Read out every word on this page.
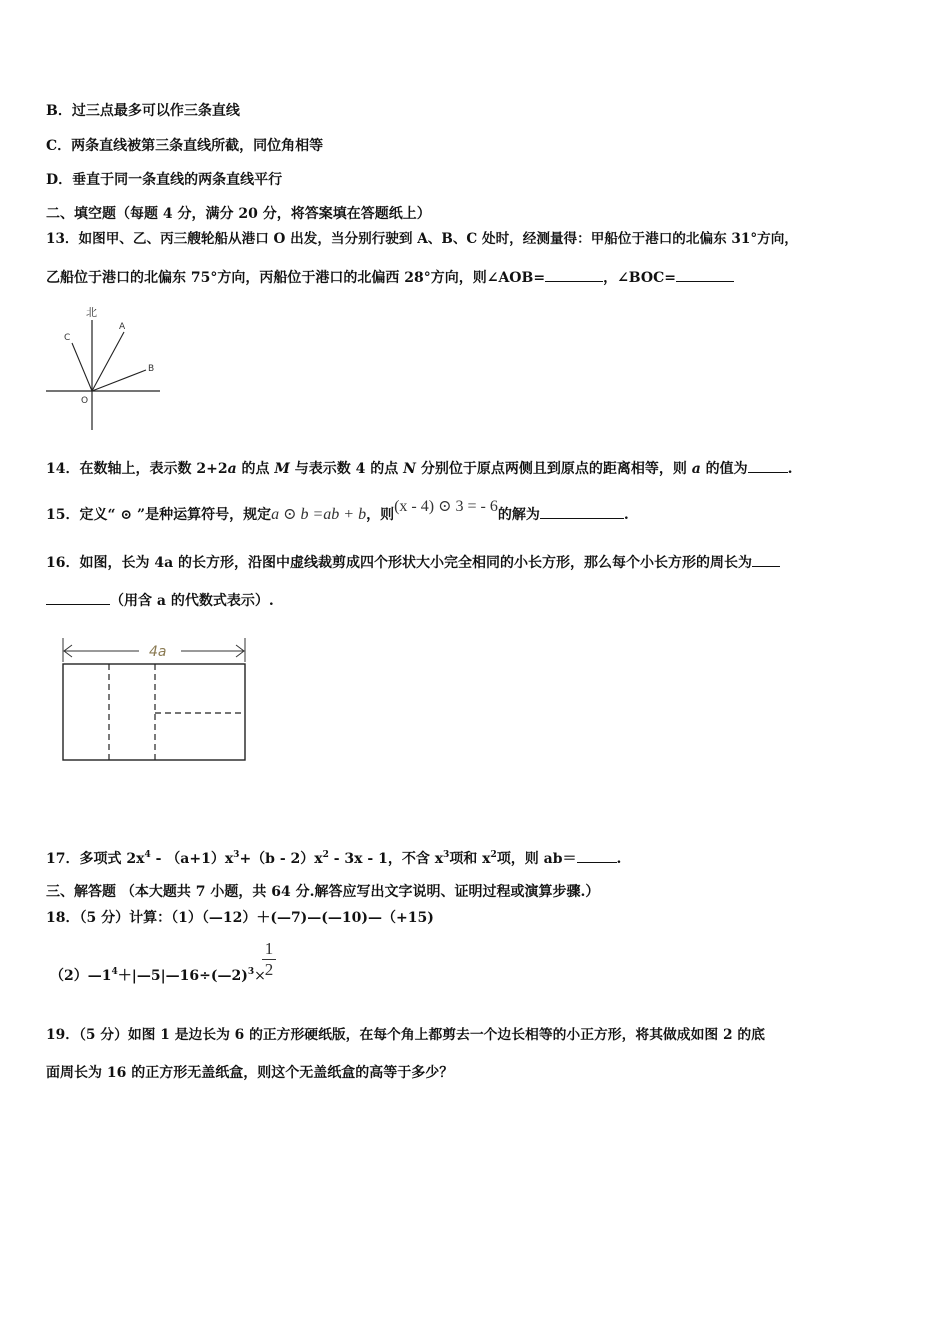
B．过三点最多可以作三条直线
C．两条直线被第三条直线所截，同位角相等
D．垂直于同一条直线的两条直线平行
二、填空题（每题 4 分，满分 20 分，将答案填在答题纸上）
13．如图甲、乙、丙三艘轮船从港口 O 出发，当分别行驶到 A、B、C 处时，经测量得：甲船位于港口的北偏东 31°方向，
乙船位于港口的北偏东 75°方向，丙船位于港口的北偏西 28°方向，则∠AOB=	，∠BOC=
北
A
B
C
O
14．在数轴上，表示数 2+2a 的点 M 与表示数 4 的点 N 分别位于原点两侧且到原点的距离相等，则 a 的值为	.
15．定义“ ⊙ ”是种运算符号，规定a ⊙ b =ab + b，则(x - 4) ⊙ 3 = - 6的解为	.
16．如图，长为 4a 的长方形，沿图中虚线裁剪成四个形状大小完全相同的小长方形，那么每个小长方形的周长为
（用含 a 的代数式表示）.
4a
17．多项式 $2x^4 - (a+1)x^3+(b - 2)x^2 - 3x - 1$，不含 $x^3$项和 $x^2$项，则 ab＝	.
三、解答题 （本大题共 7 小题，共 64 分.解答应写出文字说明、证明过程或演算步骤.）
18．（5 分）计算：（1）（—12）＋(—7)—(—10)—（+15)
$(2)—1^4+|—5|—16\div(—2)^3\times$
1
2
19．（5 分）如图 1 是边长为 6 的正方形硬纸版，在每个角上都剪去一个边长相等的小正方形，将其做成如图 2 的底
面周长为 16 的正方形无盖纸盒，则这个无盖纸盒的高等于多少？
